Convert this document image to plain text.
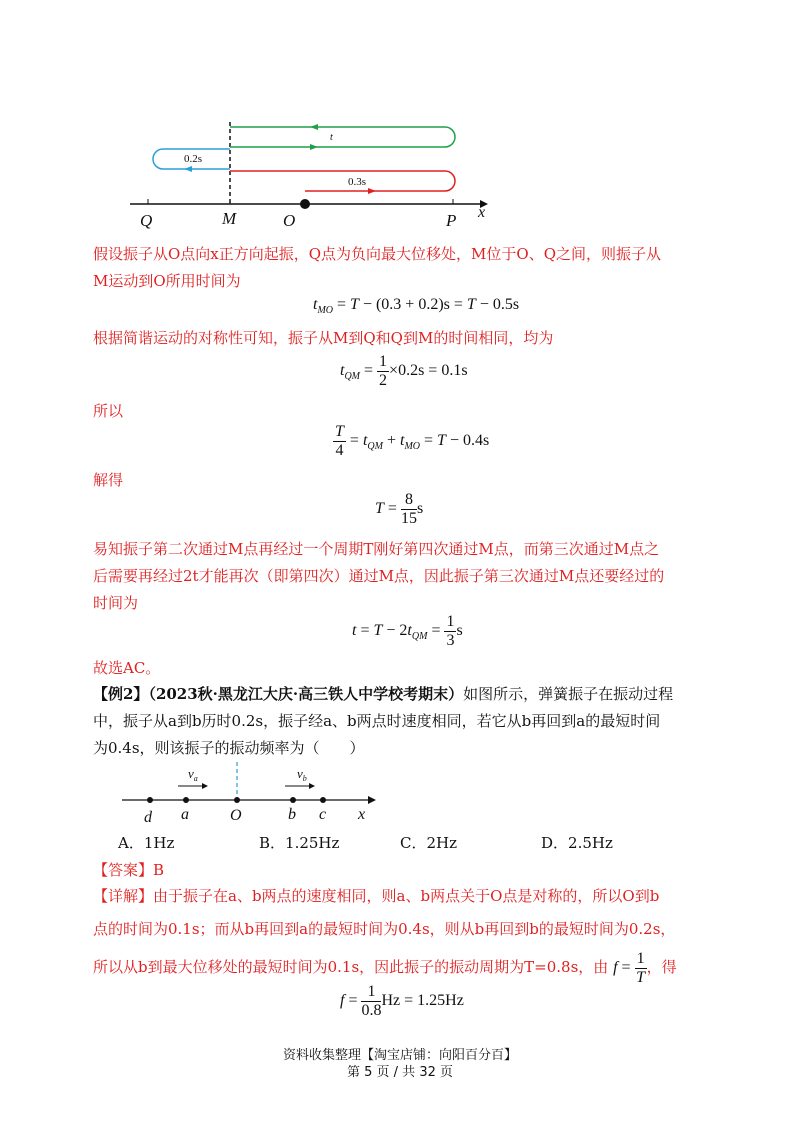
t
0.2s
0.3s
Q	M	O	P x
假设振子从O点向x正方向起振，Q点为负向最大位移处，M位于O、Q之间，则振子从
M运动到O所用时间为
$t_{MO} = T - (0.3 + 0.2)s = T - 0.5s$
根据简谐运动的对称性可知，振子从M到Q和Q到M的时间相同，均为
$t_{QM} = \frac{1}{2} \times 0.2s = 0.1s$
所以
$\frac{T}{4} = t_{QM} + t_{MO} = T - 0.4s$
解得
$T = \frac{8}{15}$ s
易知振子第二次通过M点再经过一个周期T刚好第四次通过M点，而第三次通过M点之
后需要再经过2t才能再次（即第四次）通过M点，因此振子第三次通过M点还要经过的
时间为
$t = T - 2t_{QM} = \frac{1}{3}$ s
故选AC。
【例2】（2023秋·黑龙江大庆·高三铁人中学校考期末）如图所示，弹簧振子在振动过程
中，振子从a到b历时0.2s，振子经a、b两点时速度相同，若它从b再回到a的最短时间
为0.4s，则该振子的振动频率为（　　）
$v_a$	$v_b$
d a	O	b c x
A．1Hz	B．1.25Hz	C．2Hz	D．2.5Hz
【答案】B
【详解】由于振子在a、b两点的速度相同，则a、b两点关于O点是对称的，所以O到b
点的时间为0.1s；而从b再回到a的最短时间为0.4s，则从b再回到b的最短时间为0.2s，
所以从b到最大位移处的最短时间为0.1s，因此振子的振动周期为T=0.8s，由 $f = \frac{1}{T}$ ，得
$f = \frac{1}{0.8}$ Hz = 1.25Hz
资料收集整理【淘宝店铺：向阳百分百】
第 5 页 / 共 32 页
